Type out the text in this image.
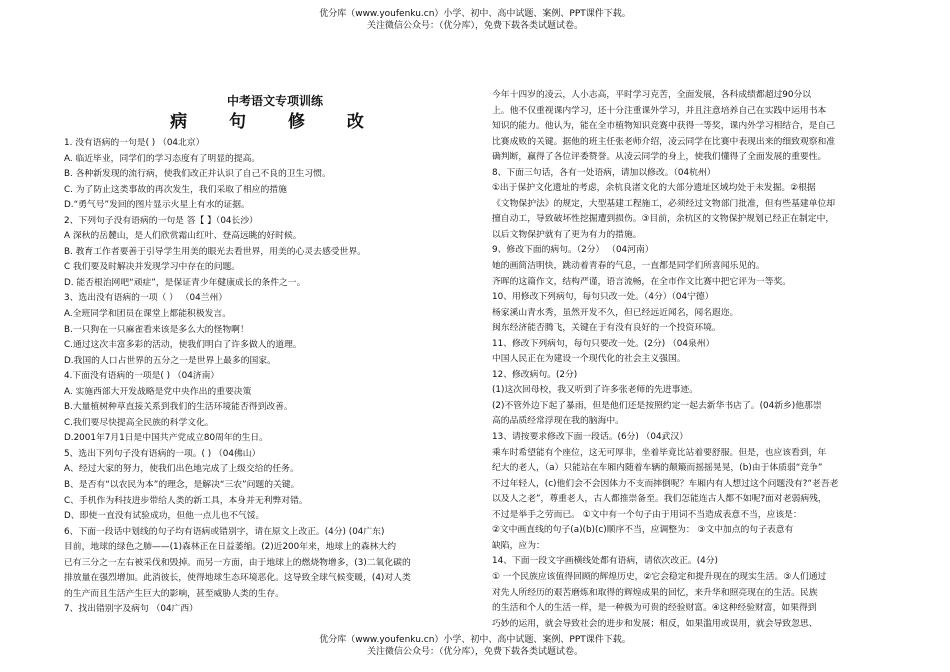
优分库（www.youfenku.cn）小学、初中、高中试题、案例、PPT课件下载。
关注微信公众号：（优分库），免费下载各类试题试卷。
中考语文专项训练
病 句 修 改
1. 没有语病的一句是( ) （04北京）
A. 临近毕业，同学们的学习态度有了明显的提高。
B. 各种新发现的流行病，使我们改正并认识了自己不良的卫生习惯。
C. 为了防止这类事故的再次发生，我们采取了相应的措施
D.“勇气号”发回的图片显示火星上有水的证据。
2、下列句子没有语病的一句是 答【 】（04长沙）
A 深秋的岳麓山，是人们欣赏霜山红叶、登高远眺的好时候。
B. 教育工作者要善于引导学生用美的眼光去看世界，用美的心灵去感受世界。
C 我们要及时解决并发现学习中存在的问题。
D. 能否根治网吧“顽症”，是保证青少年健康成长的条件之一。
3、选出没有语病的一项（ ） （04兰州）
A.全班同学和团员在课堂上都能积极发言。
B.一只狗在一只麻雀看来该是多么大的怪物啊！
C.通过这次丰富多彩的活动，使我们明白了许多做人的道理。
D.我国的人口占世界的五分之一是世界上最多的国家。
4.下面没有语病的一项是( ) （04济南）
A. 实施西部大开发战略是党中央作出的重要决策
B.大量植树种草直接关系到我们的生活环境能否得到改善。
C.我们要尽快提高全民族的科学文化。
D.2001年7月1日是中国共产党成立80周年的生日。
5、选出下列句子没有语病的一项。( ) （04佛山）
A、经过大家的努力，使我们出色地完成了上级交给的任务。
B、是否有“以农民为本”的理念，是解决“三农”问题的关键。
C、手机作为科技进步带给人类的新工具，本身并无利弊对错。
D、即使一直没有试验成功，但他一点儿也不气馁。
6、下面一段话中划线的句子均有语病或错别字，请在原文上改正。(4分) (04广东)
目前，地球的绿色之肺——(1)森林正在日益萎缩。(2)近200年来，地球上的森林大约
已有三分之一左右被采伐和毁掉。而另一方面，由于地球上的燃烧物增多，(3)二氧化碳的
排放量在强烈增加。此消彼长，使得地球生态环境恶化。这导致全球气候变暖，(4)对人类
的生产而且生活产生巨大的影响，甚至威胁人类的生存。
7、找出错别字及病句 （04广西）
今年十四岁的凌云，人小志高，平时学习克苦，全面发展，各科成绩都超过90分以
上。他不仅重视课内学习，还十分注重课外学习，并且注意培养自己在实践中运用书本
知识的能力。他认为，能在全市植物知识竞赛中获得一等奖，课内外学习相结合，是自己
比赛成败的关键。据他的班主任张老师介绍，凌云同学在比赛中表现出来的细致观察和准
确判断，赢得了各位评委赞誉。从凌云同学的身上，使我们懂得了全面发展的重要性。
8、下面三句话，各有一处语病，请加以修改。（04杭州）
①出于保护文化遗址的考虑，余杭良渚文化的大部分遗址区域均处于未发掘。②根据
《文物保护法》的规定，大型基建工程施工，必须经过文物部门批准，但有些基建单位却
擅自动工，导致破坏性挖掘遭到损伤。③目前，余杭区的文物保护规划已经正在制定中，
以后文物保护就有了更为有力的措施。
9、修改下面的病句。（2分） （04河南）
她的画简洁明快，跳动着青春的气息，一直都是同学们所喜闻乐见的。
齐晖的这篇作文，结构严谨，语言流畅，在全市作文比赛中把它评为一等奖。
10、用修改下列病句，每句只改一处。（4分）（04宁德）
杨家溪山青水秀，虽然开发不久，但已经远近闻名，闻名遐迩。
闽东经济能否腾飞，关键在于有没有良好的一个投资环境。
11、修改下列病句，每句只要改一处。(2分) （04泉州）
中国人民正在为建设一个现代化的社会主义强国。
12、修改病句。(2分)
(1)这次回母校，我又听到了许多张老师的先进事迹。
(2)不管外边下起了暴雨，但是他们还是按照约定一起去新华书店了。(04新乡)他那崇
高的品质经常浮现在我的脑海中。
13、请按要求修改下面一段话。(6分) （04武汉）
乘车时希望能有个座位，这无可厚非，坐着毕竟比站着要舒服。但是，也应该看到，年
纪大的老人，（a）只能站在车厢内随着车辆的颠簸而摇摇晃晃，(b)由于体质弱“竞争”
不过年轻人，(c)他们会不会因体力不支而摔倒呢？车厢内有人想过这个问题没有?“老吾老
以及人之老”，尊重老人，古人都推崇备至。我们怎能连古人都不如呢?面对老弱病残，
不过是举手之劳而已。 ①文中有一个句子由于用词不当造成表意不当，应该是：
②文中画直线的句子(a)(b)(c)顺序不当，应调整为： ③文中加点的句子表意有
缺陷，应为：
14、下面一段文字画横线处都有语病，请依次改正。(4分)
① 一个民族应该值得回顾的辉煌历史，②它会稳定和提升现在的现实生活。③人们通过
对先人所经历的艰苦磨炼和取得的辉煌成果的回忆，来升华和照亮现在的生活。民族
的生活和个人的生活一样，是一种极为可贵的经验财富。④这种经验财富，如果得到
巧妙的运用，就会导致社会的进步和发展；相反，如果滥用或误用，就会导致忽思、
优分库（www.youfenku.cn）小学、初中、高中试题、案例、PPT课件下载。
关注微信公众号：（优分库），免费下载各类试题试卷。
